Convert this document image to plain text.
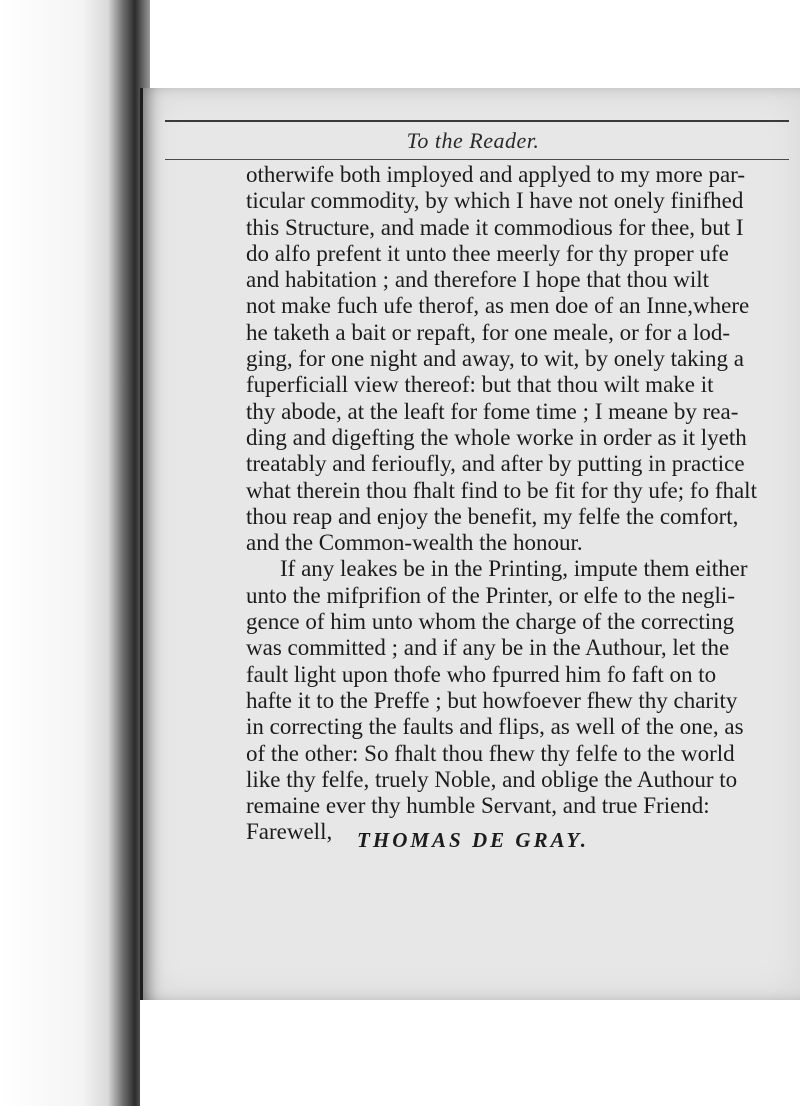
To the Reader.
otherwife both imployed and applyed to my more par-
ticular commodity, by which I have not onely finifhed
this Structure, and made it commodious for thee, but I
do alfo prefent it unto thee meerly for thy proper ufe
and habitation ; and therefore I hope that thou wilt
not make fuch ufe therof, as men doe of an Inne,where
he taketh a bait or repaft, for one meale, or for a lod-
ging, for one night and away, to wit, by onely taking a
fuperficiall view thereof: but that thou wilt make it
thy abode, at the leaft for fome time ; I meane by rea-
ding and digefting the whole worke in order as it lyeth
treatably and ferioufly, and after by putting in practice
what therein thou fhalt find to be fit for thy ufe; fo fhalt
thou reap and enjoy the benefit, my felfe the comfort,
and the Common-wealth the honour.
If any leakes be in the Printing, impute them either
unto the mifprifion of the Printer, or elfe to the negli-
gence of him unto whom the charge of the correcting
was committed ; and if any be in the Authour, let the
fault light upon thofe who fpurred him fo faft on to
hafte it to the Preffe ; but howfoever fhew thy charity
in correcting the faults and flips, as well of the one, as
of the other: So fhalt thou fhew thy felfe to the world
like thy felfe, truely Noble, and oblige the Authour to
remaine ever thy humble Servant, and true Friend:
Farewell,	THOMAS DE GRAY.
